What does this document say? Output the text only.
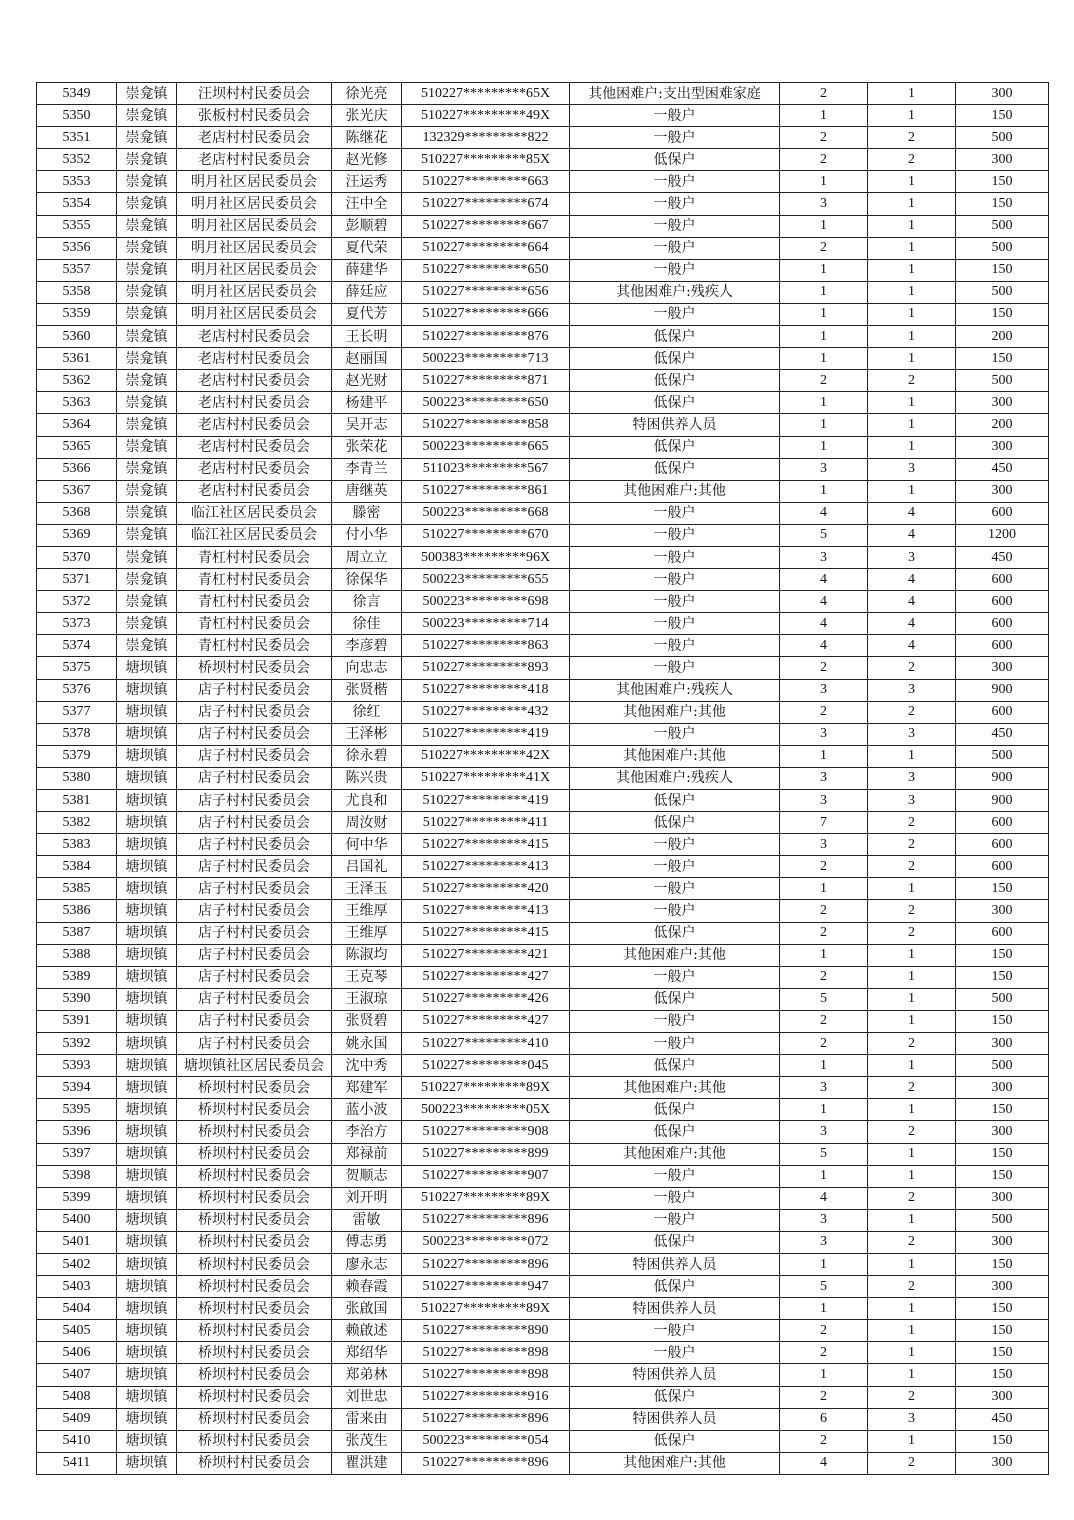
5349	崇龛镇	汪坝村村民委员会	徐光亮	510227*********65X	其他困难户:支出型困难家庭	2	1	300
5350	崇龛镇	张板村村民委员会	张光庆	510227*********49X	一般户	1	1	150
5351	崇龛镇	老店村村民委员会	陈继花	132329*********822	一般户	2	2	500
5352	崇龛镇	老店村村民委员会	赵光修	510227*********85X	低保户	2	2	300
5353	崇龛镇	明月社区居民委员会	汪运秀	510227*********663	一般户	1	1	150
5354	崇龛镇	明月社区居民委员会	汪中全	510227*********674	一般户	3	1	150
5355	崇龛镇	明月社区居民委员会	彭顺碧	510227*********667	一般户	1	1	500
5356	崇龛镇	明月社区居民委员会	夏代荣	510227*********664	一般户	2	1	500
5357	崇龛镇	明月社区居民委员会	薛建华	510227*********650	一般户	1	1	150
5358	崇龛镇	明月社区居民委员会	薛廷应	510227*********656	其他困难户:残疾人	1	1	500
5359	崇龛镇	明月社区居民委员会	夏代芳	510227*********666	一般户	1	1	150
5360	崇龛镇	老店村村民委员会	王长明	510227*********876	低保户	1	1	200
5361	崇龛镇	老店村村民委员会	赵丽国	500223*********713	低保户	1	1	150
5362	崇龛镇	老店村村民委员会	赵光财	510227*********871	低保户	2	2	500
5363	崇龛镇	老店村村民委员会	杨建平	500223*********650	低保户	1	1	300
5364	崇龛镇	老店村村民委员会	吴开志	510227*********858	特困供养人员	1	1	200
5365	崇龛镇	老店村村民委员会	张荣花	500223*********665	低保户	1	1	300
5366	崇龛镇	老店村村民委员会	李青兰	511023*********567	低保户	3	3	450
5367	崇龛镇	老店村村民委员会	唐继英	510227*********861	其他困难户:其他	1	1	300
5368	崇龛镇	临江社区居民委员会	滕密	500223*********668	一般户	4	4	600
5369	崇龛镇	临江社区居民委员会	付小华	510227*********670	一般户	5	4	1200
5370	崇龛镇	青杠村村民委员会	周立立	500383*********96X	一般户	3	3	450
5371	崇龛镇	青杠村村民委员会	徐保华	500223*********655	一般户	4	4	600
5372	崇龛镇	青杠村村民委员会	徐言	500223*********698	一般户	4	4	600
5373	崇龛镇	青杠村村民委员会	徐佳	500223*********714	一般户	4	4	600
5374	崇龛镇	青杠村村民委员会	李彦碧	510227*********863	一般户	4	4	600
5375	塘坝镇	桥坝村村民委员会	向忠志	510227*********893	一般户	2	2	300
5376	塘坝镇	店子村村民委员会	张贤楷	510227*********418	其他困难户:残疾人	3	3	900
5377	塘坝镇	店子村村民委员会	徐红	510227*********432	其他困难户:其他	2	2	600
5378	塘坝镇	店子村村民委员会	王泽彬	510227*********419	一般户	3	3	450
5379	塘坝镇	店子村村民委员会	徐永碧	510227*********42X	其他困难户:其他	1	1	500
5380	塘坝镇	店子村村民委员会	陈兴贵	510227*********41X	其他困难户:残疾人	3	3	900
5381	塘坝镇	店子村村民委员会	尤良和	510227*********419	低保户	3	3	900
5382	塘坝镇	店子村村民委员会	周汝财	510227*********411	低保户	7	2	600
5383	塘坝镇	店子村村民委员会	何中华	510227*********415	一般户	3	2	600
5384	塘坝镇	店子村村民委员会	吕国礼	510227*********413	一般户	2	2	600
5385	塘坝镇	店子村村民委员会	王泽玉	510227*********420	一般户	1	1	150
5386	塘坝镇	店子村村民委员会	王维厚	510227*********413	一般户	2	2	300
5387	塘坝镇	店子村村民委员会	王维厚	510227*********415	低保户	2	2	600
5388	塘坝镇	店子村村民委员会	陈淑均	510227*********421	其他困难户:其他	1	1	150
5389	塘坝镇	店子村村民委员会	王克琴	510227*********427	一般户	2	1	150
5390	塘坝镇	店子村村民委员会	王淑琼	510227*********426	低保户	5	1	500
5391	塘坝镇	店子村村民委员会	张贤碧	510227*********427	一般户	2	1	150
5392	塘坝镇	店子村村民委员会	姚永国	510227*********410	一般户	2	2	300
5393	塘坝镇	塘坝镇社区居民委员会	沈中秀	510227*********045	低保户	1	1	500
5394	塘坝镇	桥坝村村民委员会	郑建军	510227*********89X	其他困难户:其他	3	2	300
5395	塘坝镇	桥坝村村民委员会	蓝小波	500223*********05X	低保户	1	1	150
5396	塘坝镇	桥坝村村民委员会	李治方	510227*********908	低保户	3	2	300
5397	塘坝镇	桥坝村村民委员会	郑禄前	510227*********899	其他困难户:其他	5	1	150
5398	塘坝镇	桥坝村村民委员会	贺顺志	510227*********907	一般户	1	1	150
5399	塘坝镇	桥坝村村民委员会	刘开明	510227*********89X	一般户	4	2	300
5400	塘坝镇	桥坝村村民委员会	雷敏	510227*********896	一般户	3	1	500
5401	塘坝镇	桥坝村村民委员会	傅志勇	500223*********072	低保户	3	2	300
5402	塘坝镇	桥坝村村民委员会	廖永志	510227*********896	特困供养人员	1	1	150
5403	塘坝镇	桥坝村村民委员会	赖春霞	510227*********947	低保户	5	2	300
5404	塘坝镇	桥坝村村民委员会	张啟国	510227*********89X	特困供养人员	1	1	150
5405	塘坝镇	桥坝村村民委员会	赖啟述	510227*********890	一般户	2	1	150
5406	塘坝镇	桥坝村村民委员会	郑绍华	510227*********898	一般户	2	1	150
5407	塘坝镇	桥坝村村民委员会	郑弟林	510227*********898	特困供养人员	1	1	150
5408	塘坝镇	桥坝村村民委员会	刘世忠	510227*********916	低保户	2	2	300
5409	塘坝镇	桥坝村村民委员会	雷来由	510227*********896	特困供养人员	6	3	450
5410	塘坝镇	桥坝村村民委员会	张茂生	500223*********054	低保户	2	1	150
5411	塘坝镇	桥坝村村民委员会	瞿洪建	510227*********896	其他困难户:其他	4	2	300
